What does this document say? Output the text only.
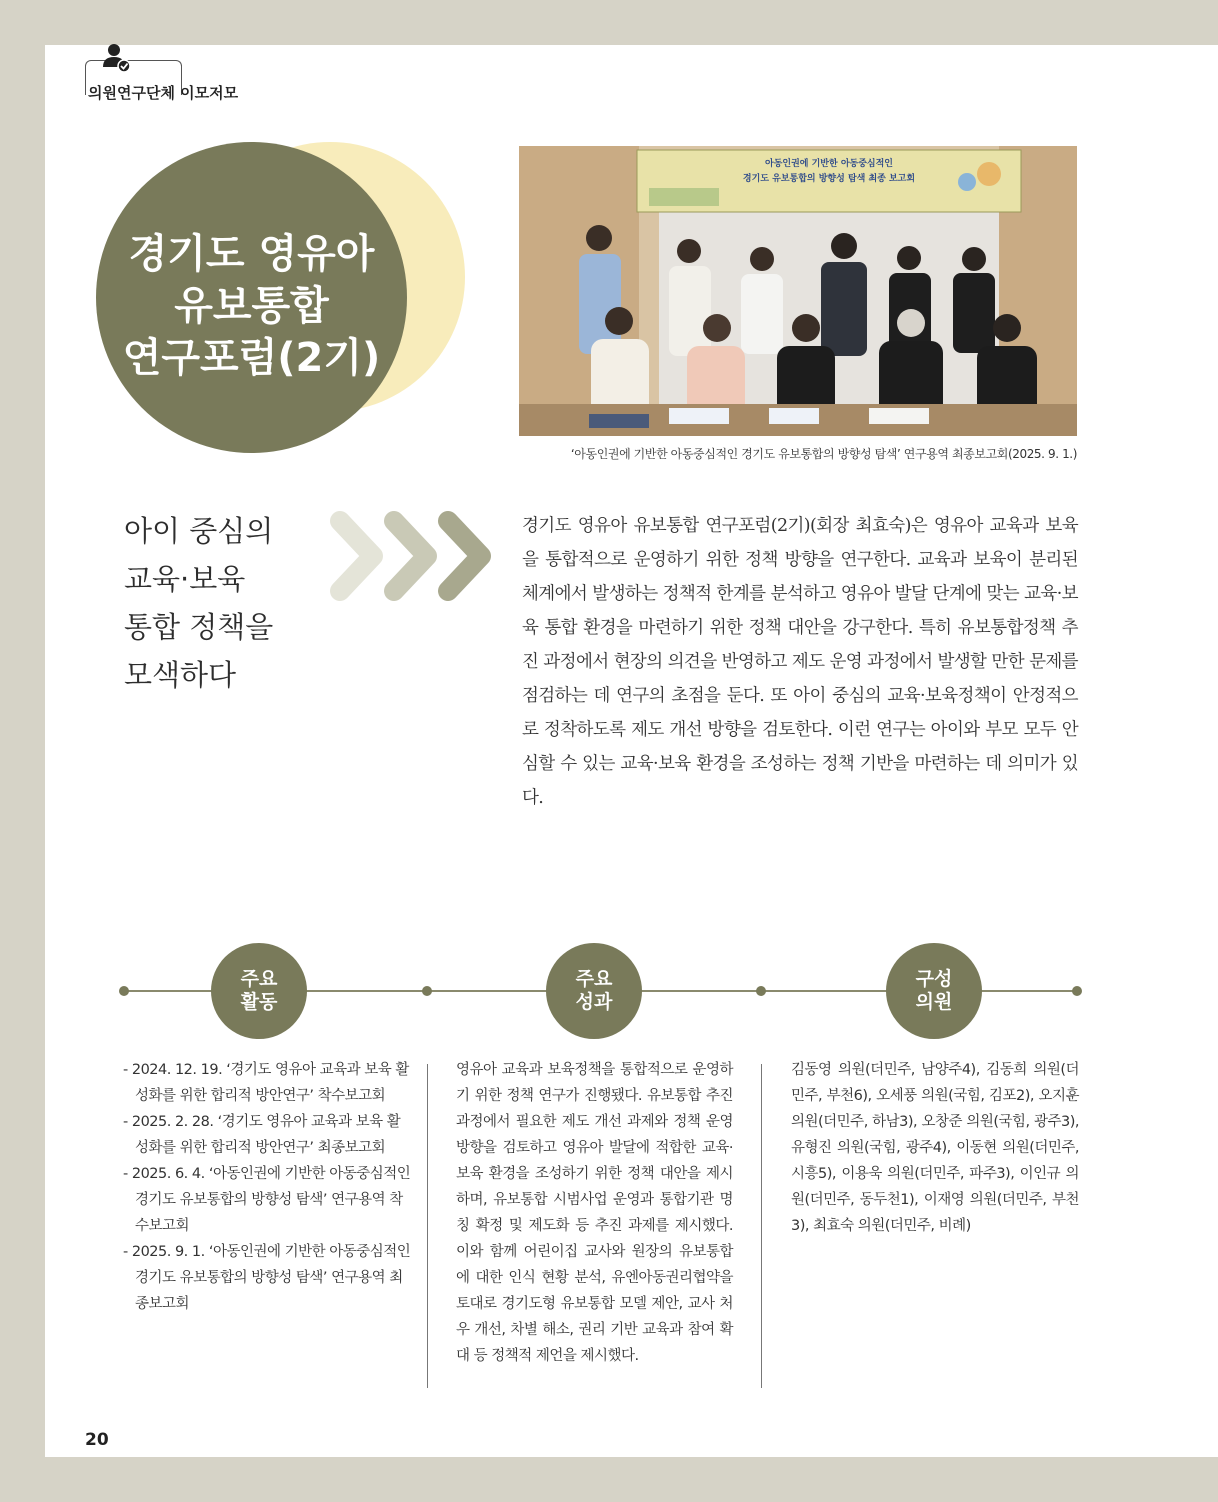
의원연구단체 이모저모
경기도 영유아
유보통합
연구포럼(2기)
아동인권에 기반한 아동중심적인
경기도 유보통합의 방향성 탐색 최종 보고회
‘아동인권에 기반한 아동중심적인 경기도 유보통합의 방향성 탐색’ 연구용역 최종보고회(2025. 9. 1.)
아이 중심의
교육·보육
통합 정책을
모색하다
경기도 영유아 유보통합 연구포럼(2기)(회장 최효숙)은 영유아 교육과 보육을 통합적으로 운영하기 위한 정책 방향을 연구한다. 교육과 보육이 분리된 체계에서 발생하는 정책적 한계를 분석하고 영유아 발달 단계에 맞는 교육·보육 통합 환경을 마련하기 위한 정책 대안을 강구한다. 특히 유보통합정책 추진 과정에서 현장의 의견을 반영하고 제도 운영 과정에서 발생할 만한 문제를 점검하는 데 연구의 초점을 둔다. 또 아이 중심의 교육·보육정책이 안정적으로 정착하도록 제도 개선 방향을 검토한다. 이런 연구는 아이와 부모 모두 안심할 수 있는 교육·보육 환경을 조성하는 정책 기반을 마련하는 데 의미가 있다.
주요
활동
주요
성과
구성
의원

- 2024. 12. 19. ‘경기도 영유아 교육과 보육 활성화를 위한 합리적 방안연구’ 착수보고회

- 2025. 2. 28. ‘경기도 영유아 교육과 보육 활성화를 위한 합리적 방안연구’ 최종보고회

- 2025. 6. 4. ‘아동인권에 기반한 아동중심적인 경기도 유보통합의 방향성 탐색’ 연구용역 착수보고회

- 2025. 9. 1. ‘아동인권에 기반한 아동중심적인 경기도 유보통합의 방향성 탐색’ 연구용역 최종보고회

영유아 교육과 보육정책을 통합적으로 운영하기 위한 정책 연구가 진행됐다. 유보통합 추진 과정에서 필요한 제도 개선 과제와 정책 운영 방향을 검토하고 영유아 발달에 적합한 교육·보육 환경을 조성하기 위한 정책 대안을 제시하며, 유보통합 시범사업 운영과 통합기관 명칭 확정 및 제도화 등 추진 과제를 제시했다. 이와 함께 어린이집 교사와 원장의 유보통합에 대한 인식 현황 분석, 유엔아동권리협약을 토대로 경기도형 유보통합 모델 제안, 교사 처우 개선, 차별 해소, 권리 기반 교육과 참여 확대 등 정책적 제언을 제시했다.
김동영 의원(더민주, 남양주4), 김동희 의원(더민주, 부천6), 오세풍 의원(국힘, 김포2), 오지훈 의원(더민주, 하남3), 오창준 의원(국힘, 광주3), 유형진 의원(국힘, 광주4), 이동현 의원(더민주, 시흥5), 이용욱 의원(더민주, 파주3), 이인규 의원(더민주, 동두천1), 이재영 의원(더민주, 부천3), 최효숙 의원(더민주, 비례)
20
